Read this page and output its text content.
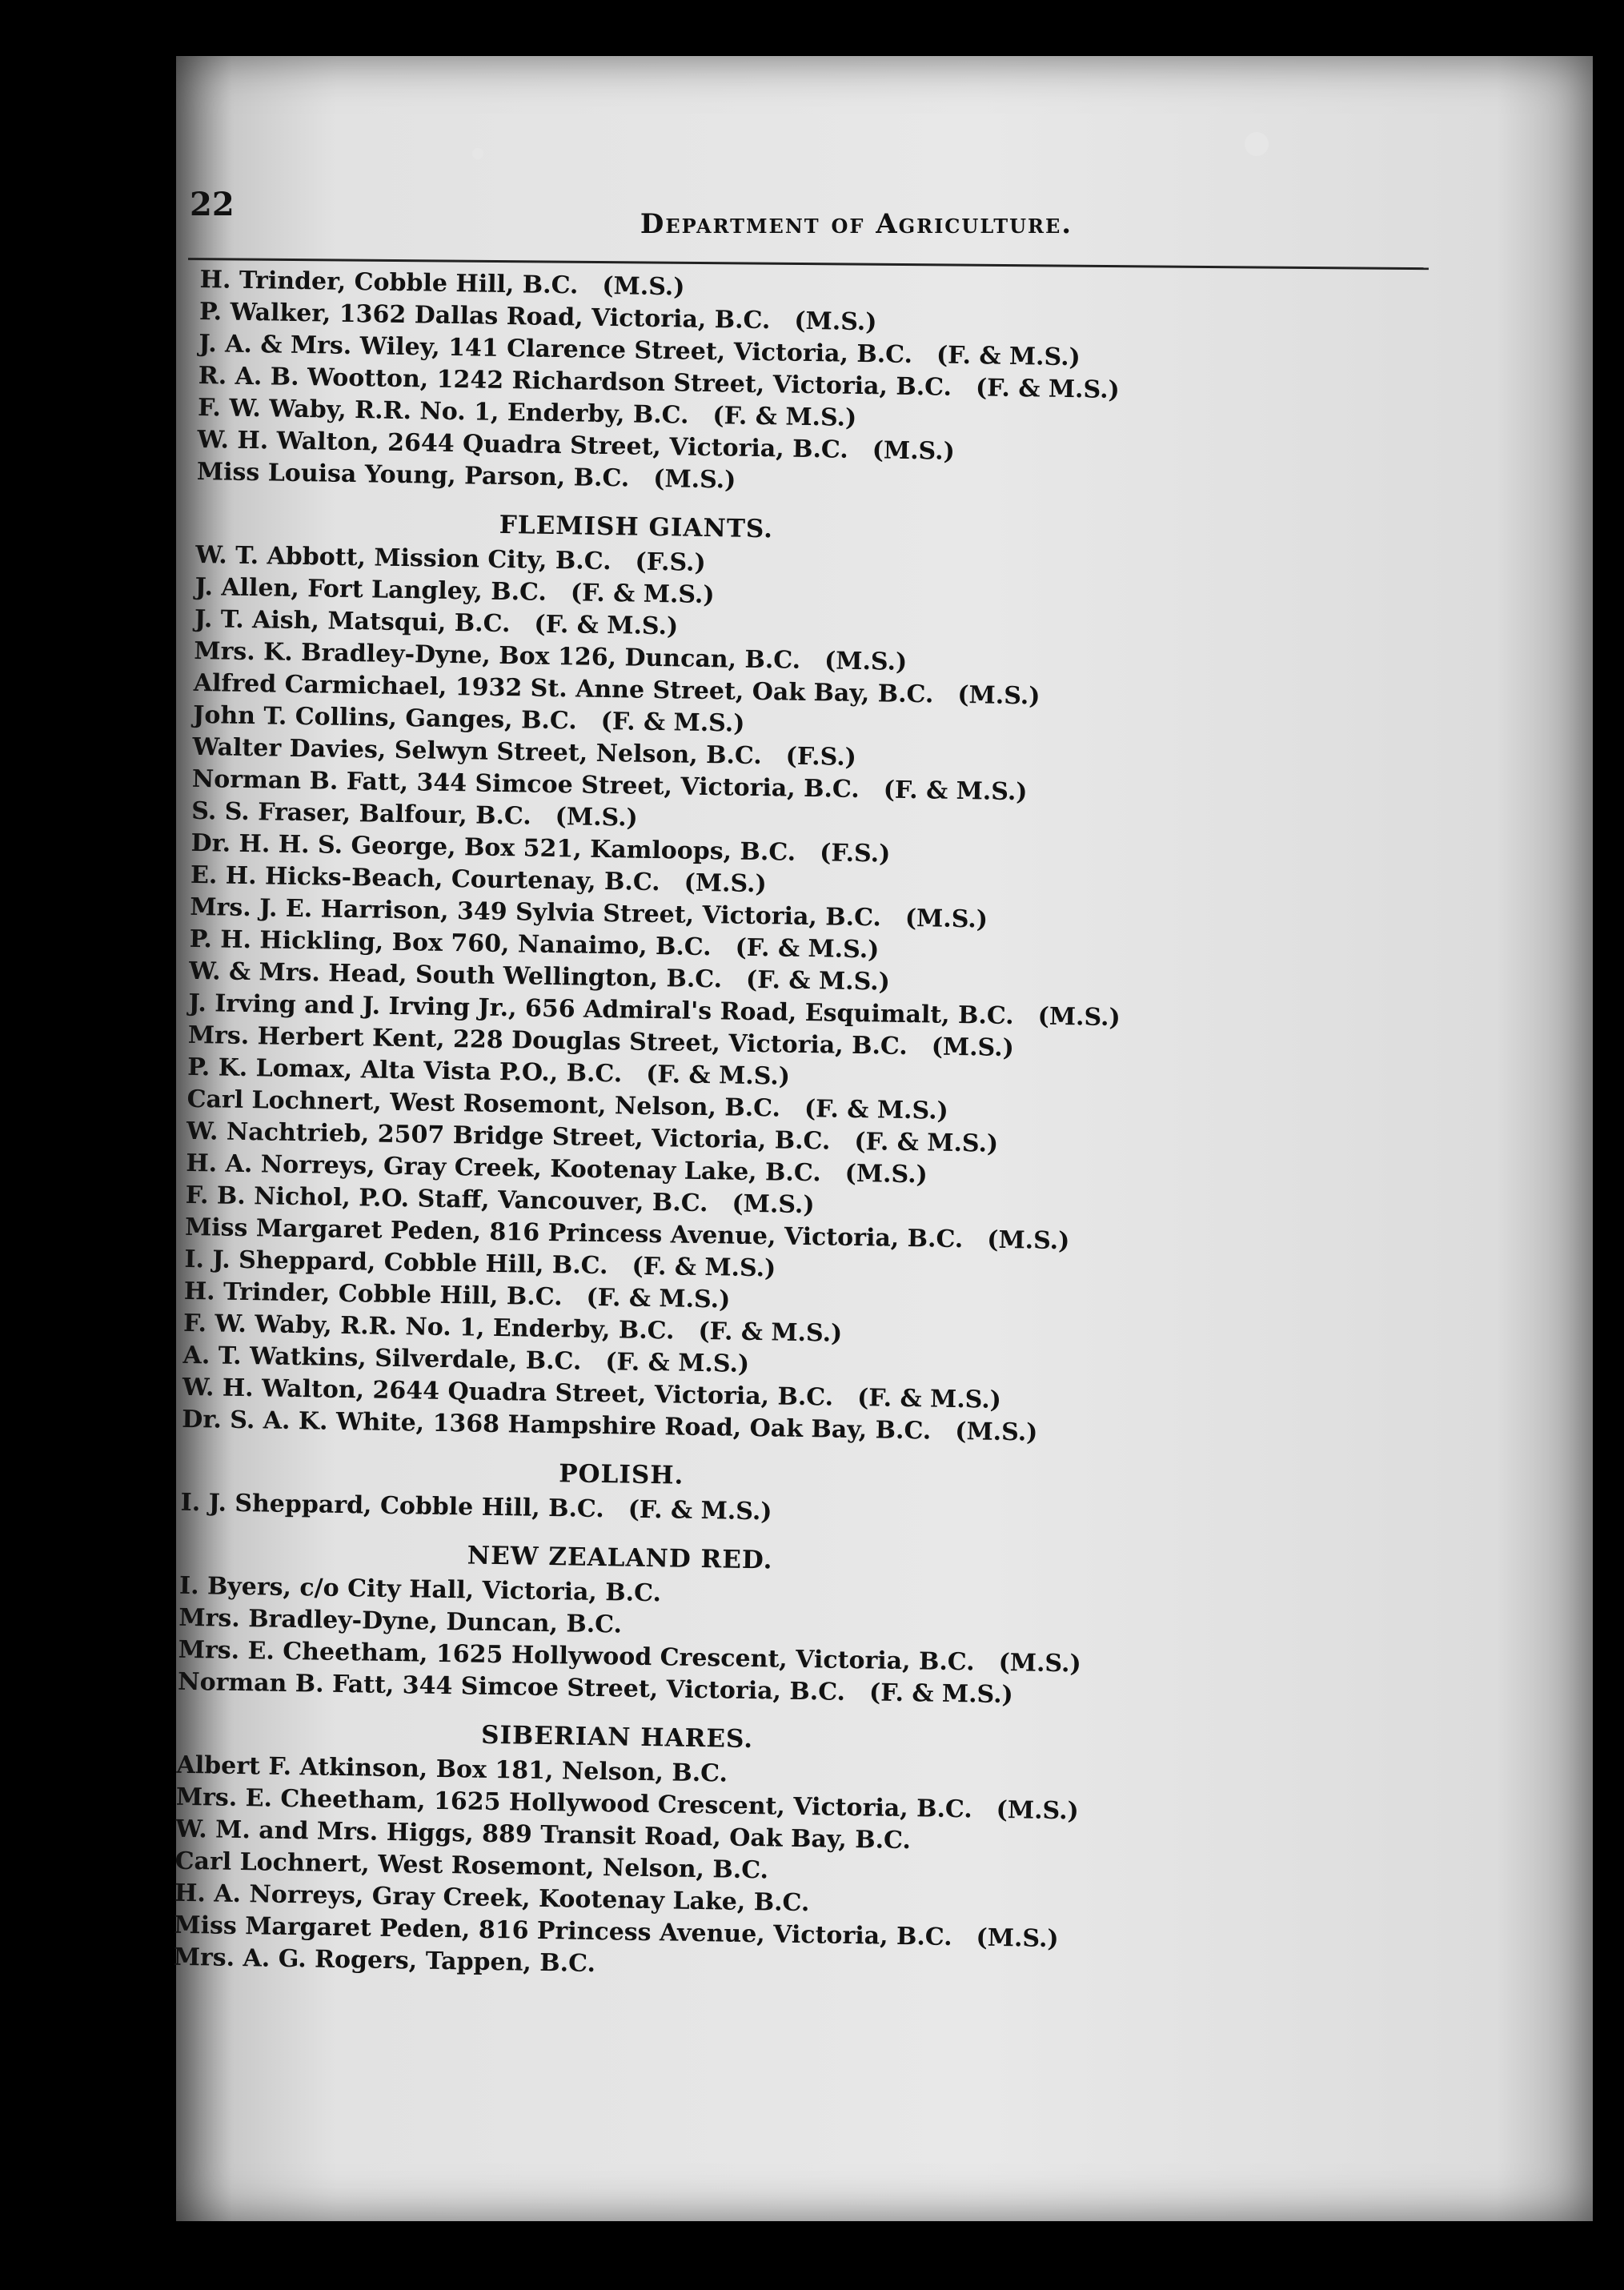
22
Department of Agriculture.

H. Trinder, Cobble Hill, B.C. (M.S.)

P. Walker, 1362 Dallas Road, Victoria, B.C. (M.S.)

J. A. & Mrs. Wiley, 141 Clarence Street, Victoria, B.C. (F. & M.S.)

R. A. B. Wootton, 1242 Richardson Street, Victoria, B.C. (F. & M.S.)

F. W. Waby, R.R. No. 1, Enderby, B.C. (F. & M.S.)

W. H. Walton, 2644 Quadra Street, Victoria, B.C. (M.S.)

Miss Louisa Young, Parson, B.C. (M.S.)

FLEMISH GIANTS.

W. T. Abbott, Mission City, B.C. (F.S.)

J. Allen, Fort Langley, B.C. (F. & M.S.)

J. T. Aish, Matsqui, B.C. (F. & M.S.)

Mrs. K. Bradley-Dyne, Box 126, Duncan, B.C. (M.S.)

Alfred Carmichael, 1932 St. Anne Street, Oak Bay, B.C. (M.S.)

John T. Collins, Ganges, B.C. (F. & M.S.)

Walter Davies, Selwyn Street, Nelson, B.C. (F.S.)

Norman B. Fatt, 344 Simcoe Street, Victoria, B.C. (F. & M.S.)

S. S. Fraser, Balfour, B.C. (M.S.)

Dr. H. H. S. George, Box 521, Kamloops, B.C. (F.S.)

E. H. Hicks-Beach, Courtenay, B.C. (M.S.)

Mrs. J. E. Harrison, 349 Sylvia Street, Victoria, B.C. (M.S.)

P. H. Hickling, Box 760, Nanaimo, B.C. (F. & M.S.)

W. & Mrs. Head, South Wellington, B.C. (F. & M.S.)

J. Irving and J. Irving Jr., 656 Admiral's Road, Esquimalt, B.C. (M.S.)

Mrs. Herbert Kent, 228 Douglas Street, Victoria, B.C. (M.S.)

P. K. Lomax, Alta Vista P.O., B.C. (F. & M.S.)

Carl Lochnert, West Rosemont, Nelson, B.C. (F. & M.S.)

W. Nachtrieb, 2507 Bridge Street, Victoria, B.C. (F. & M.S.)

H. A. Norreys, Gray Creek, Kootenay Lake, B.C. (M.S.)

F. B. Nichol, P.O. Staff, Vancouver, B.C. (M.S.)

Miss Margaret Peden, 816 Princess Avenue, Victoria, B.C. (M.S.)

I. J. Sheppard, Cobble Hill, B.C. (F. & M.S.)

H. Trinder, Cobble Hill, B.C. (F. & M.S.)

F. W. Waby, R.R. No. 1, Enderby, B.C. (F. & M.S.)

A. T. Watkins, Silverdale, B.C. (F. & M.S.)

W. H. Walton, 2644 Quadra Street, Victoria, B.C. (F. & M.S.)

Dr. S. A. K. White, 1368 Hampshire Road, Oak Bay, B.C. (M.S.)

POLISH.

I. J. Sheppard, Cobble Hill, B.C. (F. & M.S.)

NEW ZEALAND RED.

I. Byers, c/o City Hall, Victoria, B.C.

Mrs. Bradley-Dyne, Duncan, B.C.

Mrs. E. Cheetham, 1625 Hollywood Crescent, Victoria, B.C. (M.S.)

Norman B. Fatt, 344 Simcoe Street, Victoria, B.C. (F. & M.S.)

SIBERIAN HARES.

Albert F. Atkinson, Box 181, Nelson, B.C.

Mrs. E. Cheetham, 1625 Hollywood Crescent, Victoria, B.C. (M.S.)

W. M. and Mrs. Higgs, 889 Transit Road, Oak Bay, B.C.

Carl Lochnert, West Rosemont, Nelson, B.C.

H. A. Norreys, Gray Creek, Kootenay Lake, B.C.

Miss Margaret Peden, 816 Princess Avenue, Victoria, B.C. (M.S.)

Mrs. A. G. Rogers, Tappen, B.C.
